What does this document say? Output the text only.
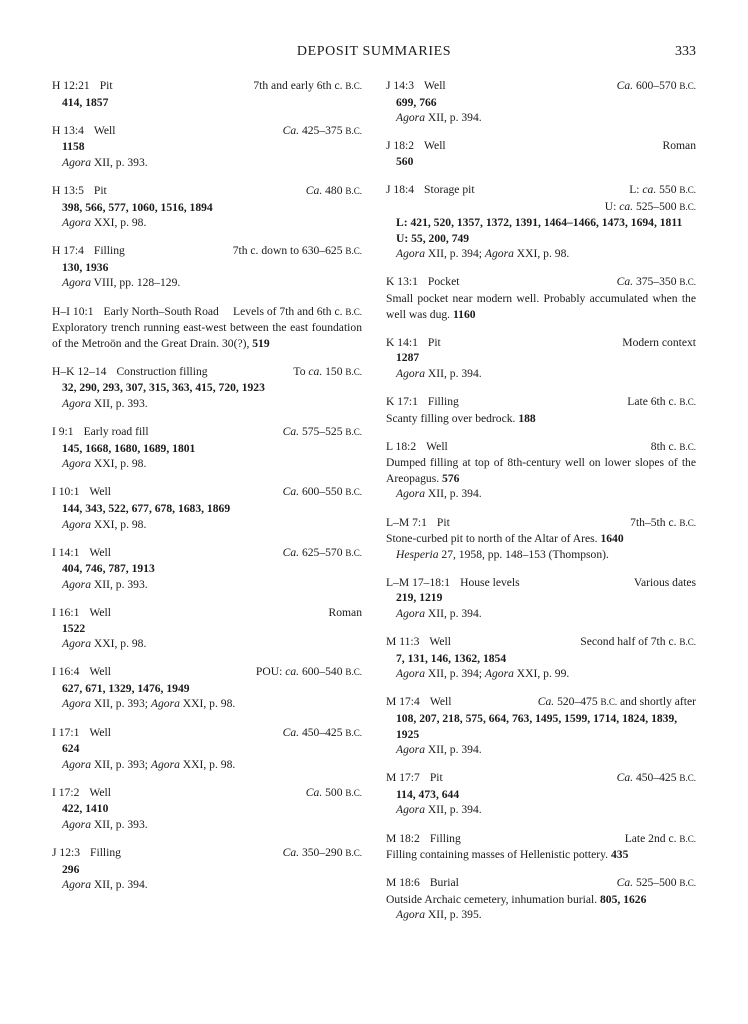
DEPOSIT SUMMARIES	333
H 12:21 Pit	7th and early 6th c. B.C.
414, 1857
H 13:4 Well	Ca. 425–375 B.C.
1158
Agora XII, p. 393.
H 13:5 Pit	Ca. 480 B.C.
398, 566, 577, 1060, 1516, 1894
Agora XXI, p. 98.
H 17:4 Filling	7th c. down to 630–625 B.C.
130, 1936
Agora VIII, pp. 128–129.
H–I 10:1 Early North–South Road Levels of 7th and 6th c. B.C.
Exploratory trench running east-west between the east foundation of the Metroön and the Great Drain. 30(?), 519
H–K 12–14 Construction filling	To ca. 150 B.C.
32, 290, 293, 307, 315, 363, 415, 720, 1923
Agora XII, p. 393.
I 9:1 Early road fill	Ca. 575–525 B.C.
145, 1668, 1680, 1689, 1801
Agora XXI, p. 98.
I 10:1 Well	Ca. 600–550 B.C.
144, 343, 522, 677, 678, 1683, 1869
Agora XXI, p. 98.
I 14:1 Well	Ca. 625–570 B.C.
404, 746, 787, 1913
Agora XII, p. 393.
I 16:1 Well	Roman
1522
Agora XXI, p. 98.
I 16:4 Well	POU: ca. 600–540 B.C.
627, 671, 1329, 1476, 1949
Agora XII, p. 393; Agora XXI, p. 98.
I 17:1 Well	Ca. 450–425 B.C.
624
Agora XII, p. 393; Agora XXI, p. 98.
I 17:2 Well	Ca. 500 B.C.
422, 1410
Agora XII, p. 393.
J 12:3 Filling	Ca. 350–290 B.C.
296
Agora XII, p. 394.
J 14:3 Well	Ca. 600–570 B.C.
699, 766
Agora XII, p. 394.
J 18:2 Well	Roman
560
J 18:4 Storage pit	L: ca. 550 B.C.
U: ca. 525–500 B.C.
L: 421, 520, 1357, 1372, 1391, 1464–1466, 1473, 1694, 1811
U: 55, 200, 749
Agora XII, p. 394; Agora XXI, p. 98.
K 13:1 Pocket	Ca. 375–350 B.C.
Small pocket near modern well. Probably accumulated when the well was dug. 1160
K 14:1 Pit	Modern context
1287
Agora XII, p. 394.
K 17:1 Filling	Late 6th c. B.C.
Scanty filling over bedrock. 188
L 18:2 Well	8th c. B.C.
Dumped filling at top of 8th-century well on lower slopes of the Areopagus. 576
Agora XII, p. 394.
L–M 7:1 Pit	7th–5th c. B.C.
Stone-curbed pit to north of the Altar of Ares. 1640
Hesperia 27, 1958, pp. 148–153 (Thompson).
L–M 17–18:1 House levels	Various dates
219, 1219
Agora XII, p. 394.
M 11:3 Well	Second half of 7th c. B.C.
7, 131, 146, 1362, 1854
Agora XII, p. 394; Agora XXI, p. 99.
M 17:4 Well	Ca. 520–475 B.C. and shortly after
108, 207, 218, 575, 664, 763, 1495, 1599, 1714, 1824, 1839, 1925
Agora XII, p. 394.
M 17:7 Pit	Ca. 450–425 B.C.
114, 473, 644
Agora XII, p. 394.
M 18:2 Filling	Late 2nd c. B.C.
Filling containing masses of Hellenistic pottery. 435
M 18:6 Burial	Ca. 525–500 B.C.
Outside Archaic cemetery, inhumation burial. 805, 1626
Agora XII, p. 395.
